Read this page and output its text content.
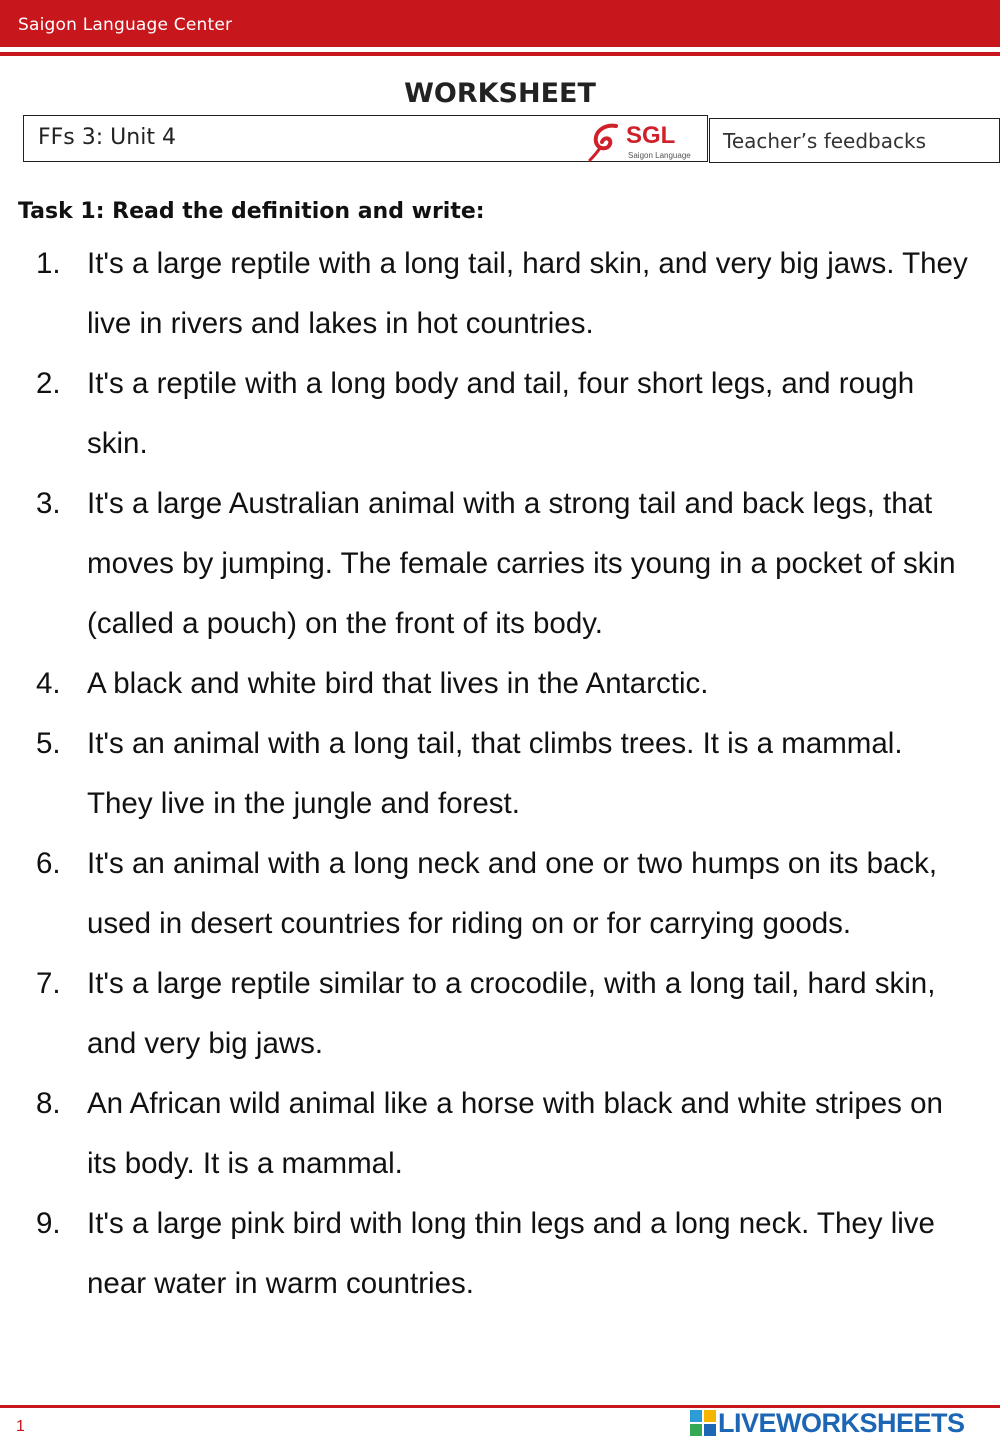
Saigon Language Center
WORKSHEET
FFs 3: Unit 4	SGL
Saigon Language
Teacher’s feedbacks
Task 1: Read the definition and write:
1. It's a large reptile with a long tail, hard skin, and very big jaws. They live in rivers and lakes in hot countries.
2. It's a reptile with a long body and tail, four short legs, and rough skin.
3. It's a large Australian animal with a strong tail and back legs, that moves by jumping. The female carries its young in a pocket of skin (called a pouch) on the front of its body.
4. A black and white bird that lives in the Antarctic.
5. It's an animal with a long tail, that climbs trees. It is a mammal. They live in the jungle and forest.
6. It's an animal with a long neck and one or two humps on its back, used in desert countries for riding on or for carrying goods.
7. It's a large reptile similar to a crocodile, with a long tail, hard skin, and very big jaws.
8. An African wild animal like a horse with black and white stripes on its body. It is a mammal.
9. It's a large pink bird with long thin legs and a long neck. They live near water in warm countries.
1	LIVEWORKSHEETS
